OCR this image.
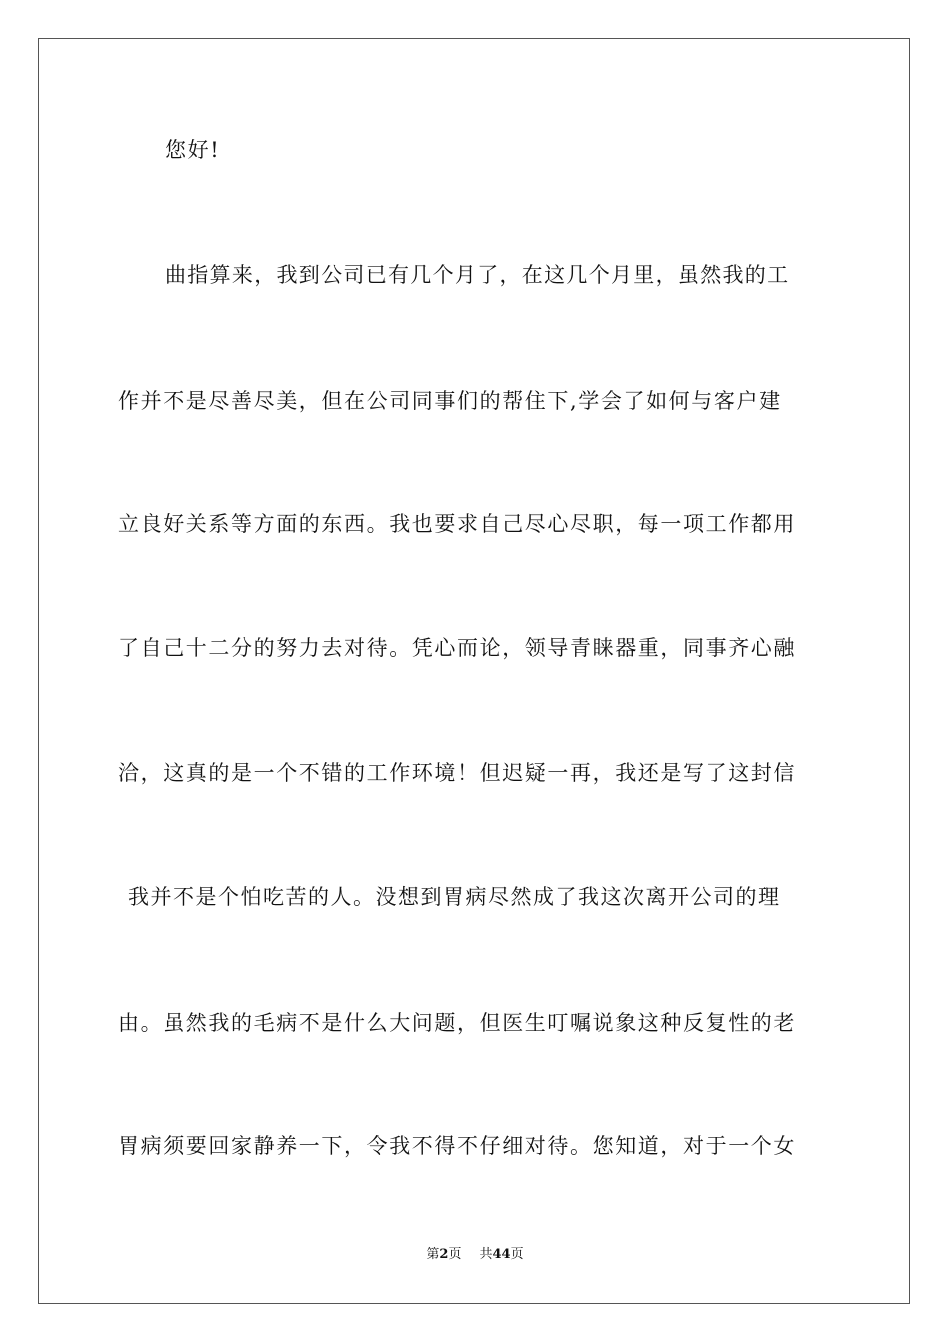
您好!
曲指算来，我到公司已有几个月了，在这几个月里，虽然我的工
作并不是尽善尽美，但在公司同事们的帮住下,学会了如何与客户建
立良好关系等方面的东西。我也要求自己尽心尽职，每一项工作都用
了自己十二分的努力去对待。凭心而论，领导青睐器重，同事齐心融
洽，这真的是一个不错的工作环境！但迟疑一再，我还是写了这封信
我并不是个怕吃苦的人。没想到胃病尽然成了我这次离开公司的理
由。虽然我的毛病不是什么大问题，但医生叮嘱说象这种反复性的老
胃病须要回家静养一下，令我不得不仔细对待。您知道，对于一个女
第2页 共44页
